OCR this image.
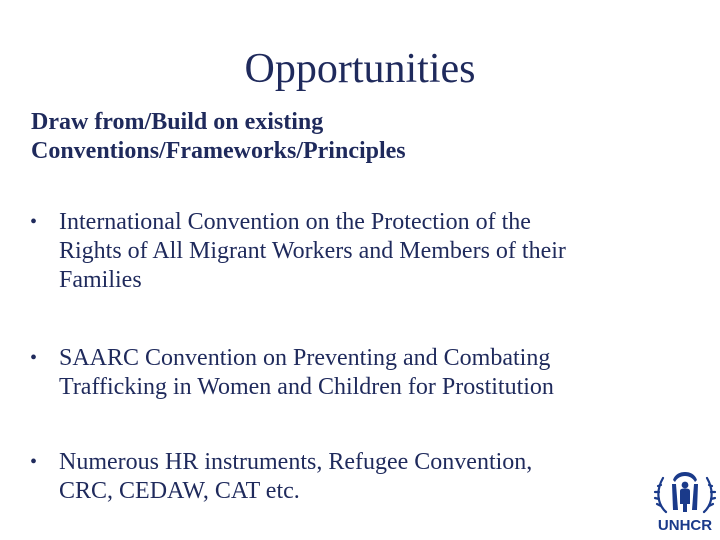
Opportunities
Draw from/Build on existing
Conventions/Frameworks/Principles
• International Convention on the Protection of the
Rights of All Migrant Workers and Members of their
Families
• SAARC Convention on Preventing and Combating
Trafficking in Women and Children for Prostitution
• Numerous HR instruments, Refugee Convention,
CRC, CEDAW, CAT etc.
UNHCR
